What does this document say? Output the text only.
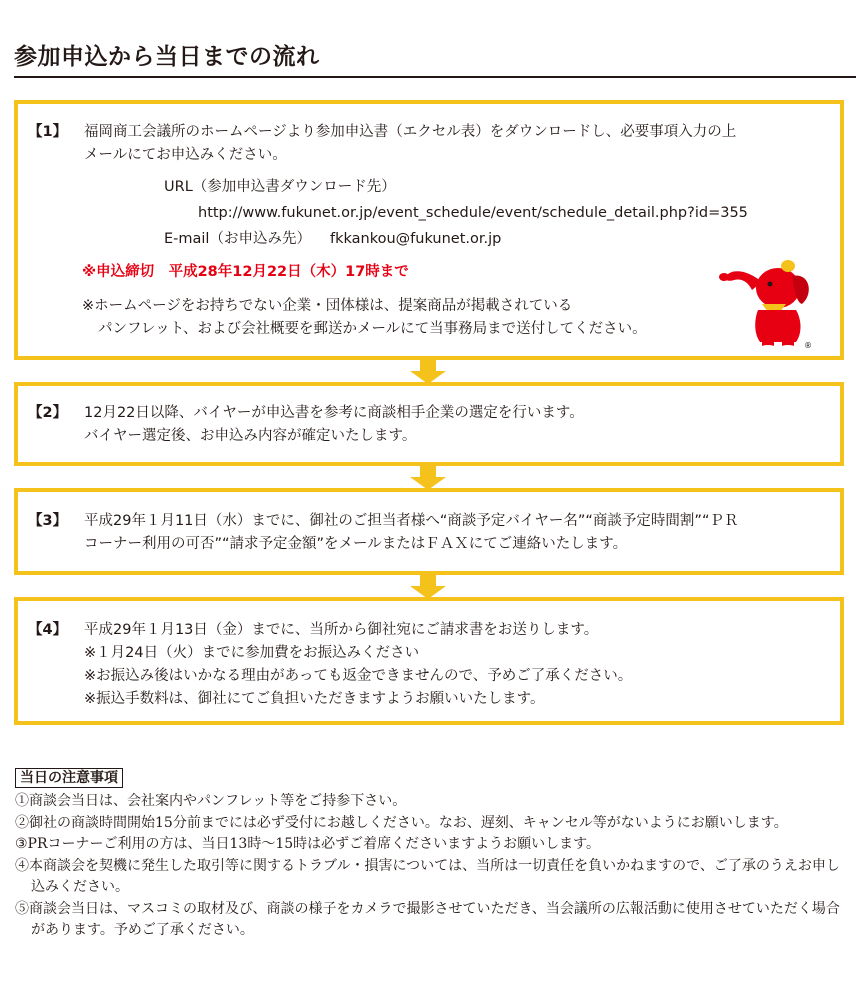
参加申込から当日までの流れ
【1】 福岡商工会議所のホームページより参加申込書（エクセル表）をダウンロードし、必要事項入力の上
メールにてお申込みください。
URL（参加申込書ダウンロード先）
http://www.fukunet.or.jp/event_schedule/event/schedule_detail.php?id=355
E-mail（お申込み先） fkkankou@fukunet.or.jp
※申込締切　平成28年12月22日（木）17時まで
※ホームページをお持ちでない企業・団体様は、提案商品が掲載されている
パンフレット、および会社概要を郵送かメールにて当事務局まで送付してください。
®
【2】 12月22日以降、バイヤーが申込書を参考に商談相手企業の選定を行います。
バイヤー選定後、お申込み内容が確定いたします。
【3】 平成29年１月11日（水）までに、御社のご担当者様へ“商談予定バイヤー名”“商談予定時間割”“ＰＲ
コーナー利用の可否”“請求予定金額”をメールまたはＦＡＸにてご連絡いたします。
【4】 平成29年１月13日（金）までに、当所から御社宛にご請求書をお送りします。
※１月24日（火）までに参加費をお振込みください
※お振込み後はいかなる理由があっても返金できませんので、予めご了承ください。
※振込手数料は、御社にてご負担いただきますようお願いいたします。
当日の注意事項
①商談会当日は、会社案内やパンフレット等をご持参下さい。
②御社の商談時間開始15分前までには必ず受付にお越しください。なお、遅刻、キャンセル等がないようにお願いします。
③PRコーナーご利用の方は、当日13時～15時は必ずご着席くださいますようお願いします。
④本商談会を契機に発生した取引等に関するトラブル・損害については、当所は一切責任を負いかねますので、ご了承のうえお申し込みください。
⑤商談会当日は、マスコミの取材及び、商談の様子をカメラで撮影させていただき、当会議所の広報活動に使用させていただく場合があります。予めご了承ください。
